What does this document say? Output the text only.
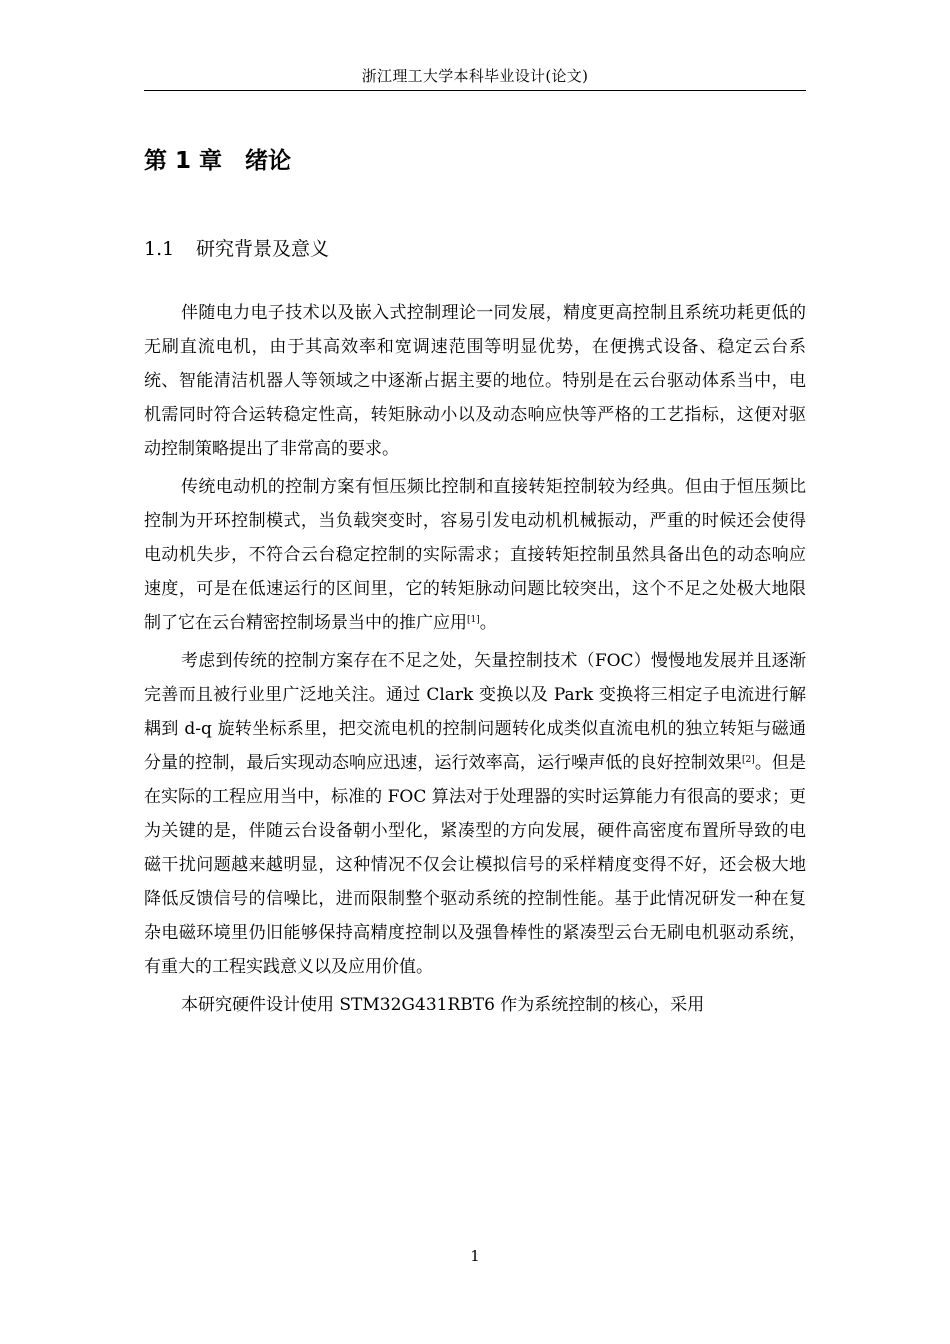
浙江理工大学本科毕业设计(论文)
第 1 章　绪论
1.1 研究背景及意义

伴随电力电子技术以及嵌入式控制理论一同发展，精度更高控制且系统功耗更低的无刷直流电机，由于其高效率和宽调速范围等明显优势，在便携式设备、稳定云台系统、智能清洁机器人等领域之中逐渐占据主要的地位。特别是在云台驱动体系当中，电机需同时符合运转稳定性高，转矩脉动小以及动态响应快等严格的工艺指标，这便对驱动控制策略提出了非常高的要求。

传统电动机的控制方案有恒压频比控制和直接转矩控制较为经典。但由于恒压频比控制为开环控制模式，当负载突变时，容易引发电动机机械振动，严重的时候还会使得电动机失步，不符合云台稳定控制的实际需求；直接转矩控制虽然具备出色的动态响应速度，可是在低速运行的区间里，它的转矩脉动问题比较突出，这个不足之处极大地限制了它在云台精密控制场景当中的推广应用[1]。

考虑到传统的控制方案存在不足之处，矢量控制技术（FOC）慢慢地发展并且逐渐完善而且被行业里广泛地关注。通过 Clark 变换以及 Park 变换将三相定子电流进行解耦到 d-q 旋转坐标系里，把交流电机的控制问题转化成类似直流电机的独立转矩与磁通分量的控制，最后实现动态响应迅速，运行效率高，运行噪声低的良好控制效果[2]。但是在实际的工程应用当中，标准的 FOC 算法对于处理器的实时运算能力有很高的要求；更为关键的是，伴随云台设备朝小型化，紧凑型的方向发展，硬件高密度布置所导致的电磁干扰问题越来越明显，这种情况不仅会让模拟信号的采样精度变得不好，还会极大地降低反馈信号的信噪比，进而限制整个驱动系统的控制性能。基于此情况研发一种在复杂电磁环境里仍旧能够保持高精度控制以及强鲁棒性的紧凑型云台无刷电机驱动系统，有重大的工程实践意义以及应用价值。

本研究硬件设计使用 STM32G431RBT6 作为系统控制的核心，采用

1
